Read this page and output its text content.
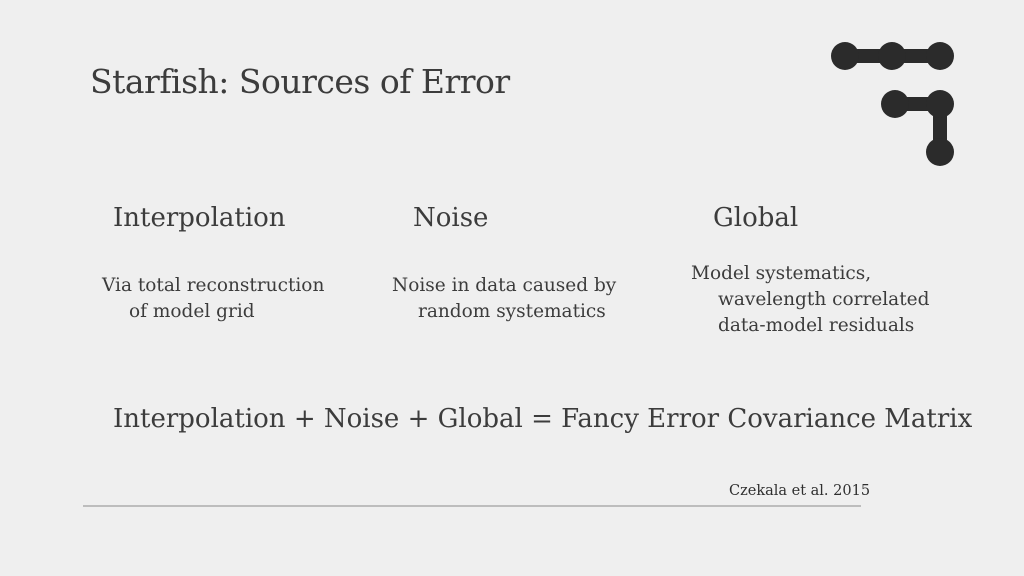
Starfish: Sources of Error
Interpolation

Via total reconstruction
of model grid

Noise

Noise in data caused by
random systematics

Global

Model systematics,
wavelength correlated
data-model residuals

Interpolation + Noise + Global = Fancy Error Covariance Matrix

Czekala et al. 2015
